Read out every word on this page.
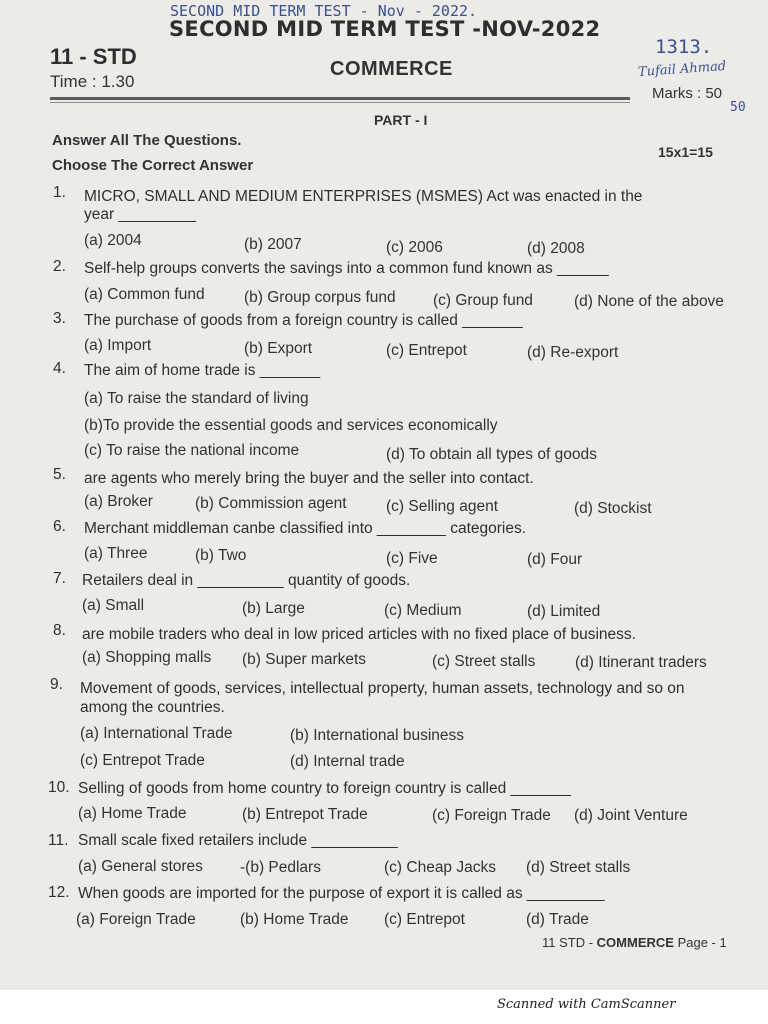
SECOND MID TERM TEST - Nov - 2022.
1313.
Tufail Ahmad
50
SECOND MID TERM TEST -NOV-2022
11 - STD
Time : 1.30
COMMERCE
Marks : 50
PART - I
Answer All The Questions.
15x1=15
Choose The Correct Answer
1. MICRO, SMALL AND MEDIUM ENTERPRISES (MSMES) Act was enacted in the
year _________
(a) 2004	(b) 2007	(c) 2006	(d) 2008
2. Self-help groups converts the savings into a common fund known as ______
(a) Common fund	(b) Group corpus fund (c) Group fund	(d) None of the above
3. The purchase of goods from a foreign country is called _______
(a) Import	(b) Export	(c) Entrepot	(d) Re-export
4. The aim of home trade is _______
(a) To raise the standard of living
(b)To provide the essential goods and services economically
(c) To raise the national income	(d) To obtain all types of goods
5. are agents who merely bring the buyer and the seller into contact.
(a) Broker	(b) Commission agent	(c) Selling agent	(d) Stockist
6. Merchant middleman canbe classified into ________ categories.
(a) Three	(b) Two	(c) Five	(d) Four
7. Retailers deal in __________ quantity of goods.
(a) Small	(b) Large	(c) Medium	(d) Limited
8. are mobile traders who deal in low priced articles with no fixed place of business.
(a) Shopping malls (b) Super markets	(c) Street stalls	(d) Itinerant traders
9. Movement of goods, services, intellectual property, human assets, technology and so on
among the countries.
(a) International Trade	(b) International business
(c) Entrepot Trade	(d) Internal trade
10. Selling of goods from home country to foreign country is called _______
(a) Home Trade	(b) Entrepot Trade	(c) Foreign Trade (d) Joint Venture
11. Small scale fixed retailers include __________
(a) General stores -(b) Pedlars	(c) Cheap Jacks (d) Street stalls
12. When goods are imported for the purpose of export it is called as _________
(a) Foreign Trade	(b) Home Trade (c) Entrepot	(d) Trade
11 STD - COMMERCE Page - 1
Scanned with CamScanner
